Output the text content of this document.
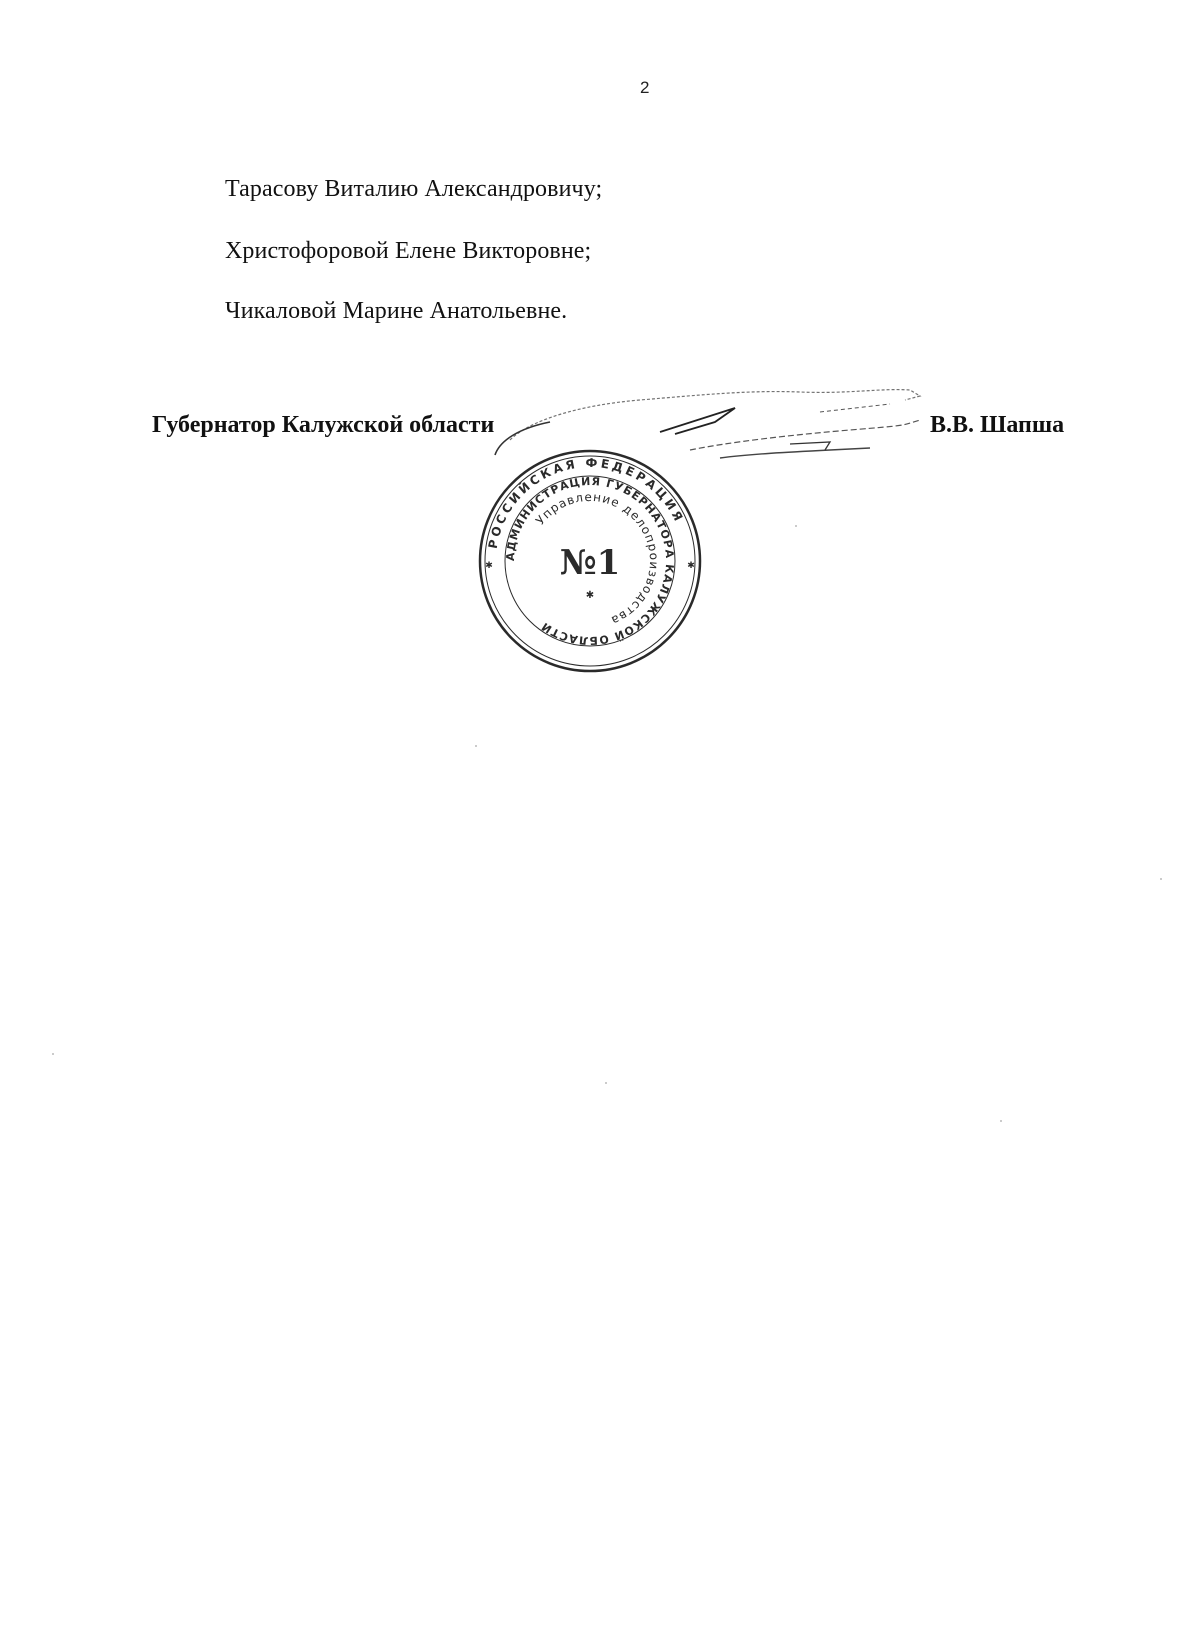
2
Тарасову Виталию Александровичу;
Христофоровой Елене Викторовне;
Чикаловой Марине Анатольевне.
Губернатор Калужской области	В.В. Шапша
РОССИЙСКАЯ ФЕДЕРАЦИЯ
АДМИНИСТРАЦИЯ ГУБЕРНАТОРА КАЛУЖСКОЙ ОБЛАСТИ
Управление делопроизводства
№1
✱
✱	✱
